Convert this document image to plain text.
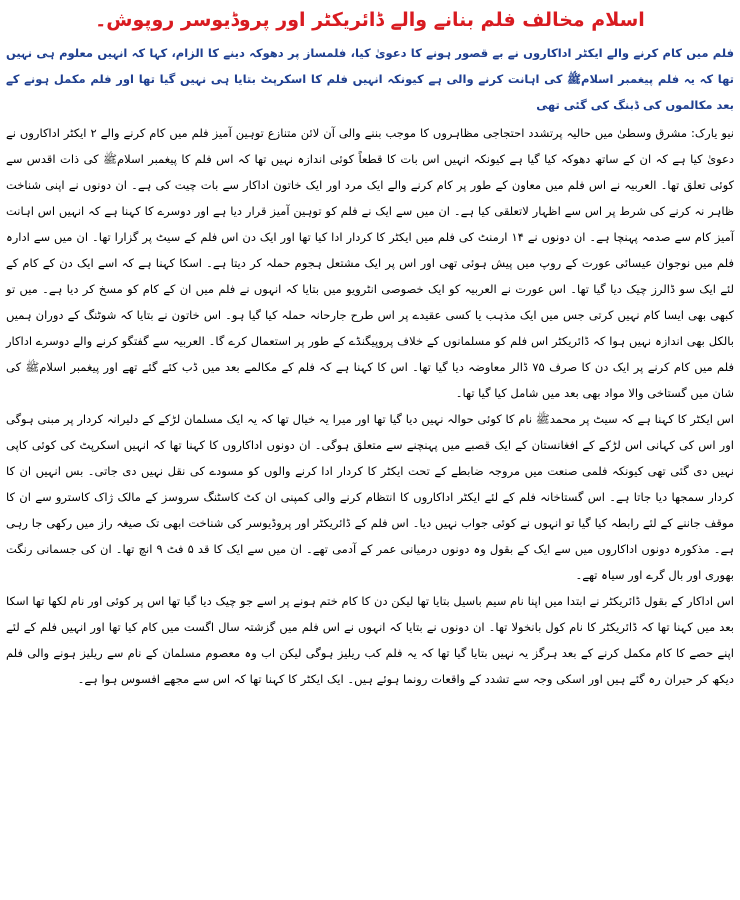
اسلام مخالف فلم بنانے والے ڈائریکٹر اور پروڈیوسر روپوش۔

فلم میں کام کرنے والے ایکٹر اداکاروں نے بے قصور ہونے کا دعویٰ کیا، فلمساز پر دھوکہ دینے کا الزام، کہا کہ انہیں معلوم ہی نہیں تھا کہ یہ فلم پیغمبر اسلامﷺ کی اہانت کرنے والی ہے کیونکہ انہیں فلم کا اسکرپٹ بتایا ہی نہیں گیا تھا اور فلم مکمل ہونے کے بعد مکالموں کی ڈبنگ کی گئی تھی

نیو یارک: مشرق وسطیٰ میں حالیہ پرتشدد احتجاجی مظاہروں کا موجب بننے والی آن لائن متنازع توہین آمیز فلم میں کام کرنے والے ۲ ایکٹر اداکاروں نے دعویٰ کیا ہے کہ ان کے ساتھ دھوکہ کیا گیا ہے کیونکہ انہیں اس بات کا قطعاً کوئی اندازہ نہیں تھا کہ اس فلم کا پیغمبر اسلامﷺ کی ذات اقدس سے کوئی تعلق تھا۔ العربیہ نے اس فلم میں معاون کے طور پر کام کرنے والے ایک مرد اور ایک خاتون اداکار سے بات چیت کی ہے۔ ان دونوں نے اپنی شناخت ظاہر نہ کرنے کی شرط پر اس سے اظہار لاتعلقی کیا ہے۔ ان میں سے ایک نے فلم کو توہین آمیز قرار دیا ہے اور دوسرے کا کہنا ہے کہ انہیں اس اہانت آمیز کام سے صدمہ پہنچا ہے۔ ان دونوں نے ۱۴ ارمنٹ کی فلم میں ایکٹر کا کردار ادا کیا تھا اور ایک دن اس فلم کے سیٹ پر گزارا تھا۔ ان میں سے ادارہ فلم میں نوجوان عیسائی عورت کے روپ میں پیش ہوئی تھی اور اس پر ایک مشتعل ہجوم حملہ کر دیتا ہے۔ اسکا کہنا ہے کہ اسے ایک دن کے کام کے لئے ایک سو ڈالرز چیک دیا گیا تھا۔ اس عورت نے العربیہ کو ایک خصوصی انٹرویو میں بتایا کہ انہوں نے فلم میں ان کے کام کو مسخ کر دیا ہے۔ میں تو کبھی بھی ایسا کام نہیں کرتی جس میں ایک مذہب یا کسی عقیدے پر اس طرح جارحانہ حملہ کیا گیا ہو۔ اس خاتون نے بتایا کہ شوٹنگ کے دوران ہمیں بالکل بھی اندازہ نہیں ہوا کہ ڈائریکٹر اس فلم کو مسلمانوں کے خلاف پروپیگنڈے کے طور پر استعمال کرے گا۔ العربیہ سے گفتگو کرنے والے دوسرے اداکار فلم میں کام کرنے پر ایک دن کا صرف ۷۵ ڈالر معاوضہ دیا گیا تھا۔ اس کا کہنا ہے کہ فلم کے مکالمے بعد میں ڈب کئے گئے تھے اور پیغمبر اسلامﷺ کی شان میں گستاخی والا مواد بھی بعد میں شامل کیا گیا تھا۔

اس ایکٹر کا کہنا ہے کہ سیٹ پر محمدﷺ نام کا کوئی حوالہ نہیں دیا گیا تھا اور میرا یہ خیال تھا کہ یہ ایک مسلمان لڑکے کے دلیرانہ کردار پر مبنی ہوگی اور اس کی کہانی اس لڑکے کے افغانستان کے ایک قصبے میں پہنچنے سے متعلق ہوگی۔ ان دونوں اداکاروں کا کہنا تھا کہ انہیں اسکرپٹ کی کوئی کاپی نہیں دی گئی تھی کیونکہ فلمی صنعت میں مروجہ ضابطے کے تحت ایکٹر کا کردار ادا کرنے والوں کو مسودے کی نقل نہیں دی جاتی۔ بس انہیں ان کا کردار سمجھا دیا جاتا ہے۔ اس گستاخانہ فلم کے لئے ایکٹر اداکاروں کا انتظام کرنے والی کمپنی ان کٹ کاسٹنگ سروسز کے مالک ژاک کاسترو سے ان کا موقف جاننے کے لئے رابطہ کیا گیا تو انہوں نے کوئی جواب نہیں دیا۔ اس فلم کے ڈائریکٹر اور پروڈیوسر کی شناخت ابھی تک صیغہ راز میں رکھی جا رہی ہے۔ مذکورہ دونوں اداکاروں میں سے ایک کے بقول وہ دونوں درمیانی عمر کے آدمی تھے۔ ان میں سے ایک کا قد ۵ فٹ ۹ انچ تھا۔ ان کی جسمانی رنگت بھوری اور بال گرے اور سیاہ تھے۔

اس اداکار کے بقول ڈائریکٹر نے ابتدا میں اپنا نام سیم باسیل بتایا تھا لیکن دن کا کام ختم ہونے پر اسے جو چیک دیا گیا تھا اس پر کوئی اور نام لکھا تھا اسکا بعد میں کہنا تھا کہ ڈائریکٹر کا نام کول بانخولا تھا۔ ان دونوں نے بتایا کہ انہوں نے اس فلم میں گزشتہ سال اگست میں کام کیا تھا اور انہیں فلم کے لئے اپنے حصے کا کام مکمل کرنے کے بعد ہرگز یہ نہیں بتایا گیا تھا کہ یہ فلم کب ریلیز ہوگی لیکن اب وہ معصوم مسلمان کے نام سے ریلیز ہونے والی فلم دیکھ کر حیران رہ گئے ہیں اور اسکی وجہ سے تشدد کے واقعات رونما ہوئے ہیں۔ ایک ایکٹر کا کہنا تھا کہ اس سے مجھے افسوس ہوا ہے۔
